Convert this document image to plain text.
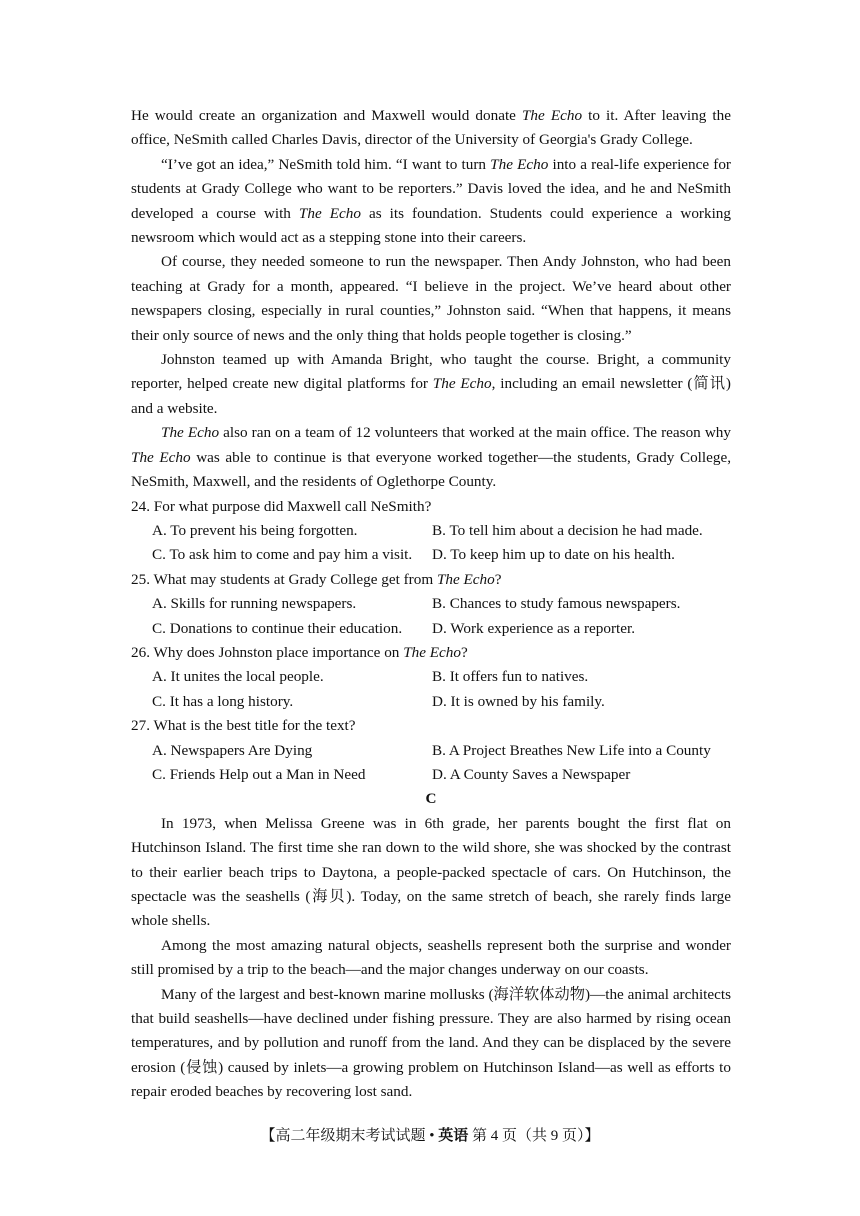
He would create an organization and Maxwell would donate The Echo to it. After leaving the office, NeSmith called Charles Davis, director of the University of Georgia's Grady College.

“I’ve got an idea,” NeSmith told him. “I want to turn The Echo into a real-life experience for students at Grady College who want to be reporters.” Davis loved the idea, and he and NeSmith developed a course with The Echo as its foundation. Students could experience a working newsroom which would act as a stepping stone into their careers.

Of course, they needed someone to run the newspaper. Then Andy Johnston, who had been teaching at Grady for a month, appeared. “I believe in the project. We’ve heard about other newspapers closing, especially in rural counties,” Johnston said. “When that happens, it means their only source of news and the only thing that holds people together is closing.”

Johnston teamed up with Amanda Bright, who taught the course. Bright, a community reporter, helped create new digital platforms for The Echo, including an email newsletter (简讯) and a website.

The Echo also ran on a team of 12 volunteers that worked at the main office. The reason why The Echo was able to continue is that everyone worked together—the students, Grady College, NeSmith, Maxwell, and the residents of Oglethorpe County.

24. For what purpose did Maxwell call NeSmith?

A. To prevent his being forgotten.	B. To tell him about a decision he had made.
C. To ask him to come and pay him a visit.	D. To keep him up to date on his health.

25. What may students at Grady College get from The Echo?

A. Skills for running newspapers.	B. Chances to study famous newspapers.
C. Donations to continue their education.	D. Work experience as a reporter.

26. Why does Johnston place importance on The Echo?

A. It unites the local people.	B. It offers fun to natives.
C. It has a long history.	D. It is owned by his family.

27. What is the best title for the text?

A. Newspapers Are Dying	B. A Project Breathes New Life into a County
C. Friends Help out a Man in Need	D. A County Saves a Newspaper

C

In 1973, when Melissa Greene was in 6th grade, her parents bought the first flat on Hutchinson Island. The first time she ran down to the wild shore, she was shocked by the contrast to their earlier beach trips to Daytona, a people-packed spectacle of cars. On Hutchinson, the spectacle was the seashells (海贝). Today, on the same stretch of beach, she rarely finds large whole shells.

Among the most amazing natural objects, seashells represent both the surprise and wonder still promised by a trip to the beach—and the major changes underway on our coasts.

Many of the largest and best-known marine mollusks (海洋软体动物)—the animal architects that build seashells—have declined under fishing pressure. They are also harmed by rising ocean temperatures, and by pollution and runoff from the land. And they can be displaced by the severe erosion (侵蚀) caused by inlets—a growing problem on Hutchinson Island—as well as efforts to repair eroded beaches by recovering lost sand.

【高二年级期末考试试题 • 英语 第 4 页（共 9 页）】
